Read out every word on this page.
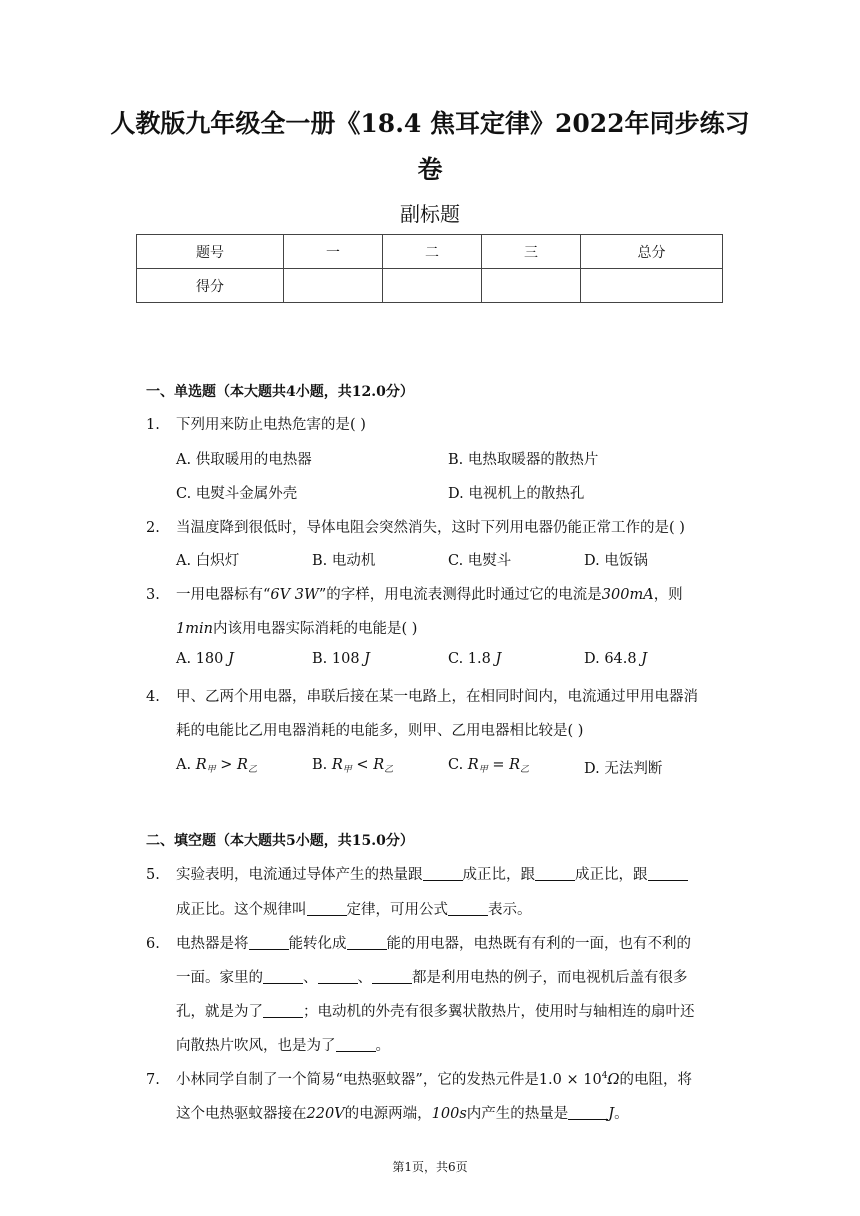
人教版九年级全一册《18.4 焦耳定律》2022年同步练习
卷
副标题
题号	一	二	三	总分
得分				
一、单选题（本大题共4小题，共12.0分）
1. 下列用来防止电热危害的是( )
A. 供取暖用的电热器	B. 电热取暖器的散热片
C. 电熨斗金属外壳	D. 电视机上的散热孔
2. 当温度降到很低时，导体电阻会突然消失，这时下列用电器仍能正常工作的是( )
A. 白炽灯	B. 电动机	C. 电熨斗	D. 电饭锅
3. 一用电器标有“6V 3W”的字样，用电流表测得此时通过它的电流是300mA，则
1min内该用电器实际消耗的电能是( )
A. 180 J	B. 108 J	C. 1.8 J	D. 64.8 J
4. 甲、乙两个用电器，串联后接在某一电路上，在相同时间内，电流通过甲用电器消
耗的电能比乙用电器消耗的电能多，则甲、乙用电器相比较是( )
A. $R_甲 > R_乙$	B. $R_甲 < R_乙$	C. $R_甲 = R_乙$	D. 无法判断
二、填空题（本大题共5小题，共15.0分）
5. 实验表明，电流通过导体产生的热量跟	成正比，跟	成正比，跟
成正比。这个规律叫	定律，可用公式	表示。
6. 电热器是将	能转化成	能的用电器，电热既有有利的一面，也有不利的
一面。家里的	、	、	都是利用电热的例子，而电视机后盖有很多
孔，就是为了	；电动机的外壳有很多翼状散热片，使用时与轴相连的扇叶还
向散热片吹风，也是为了	。
7. 小林同学自制了一个简易“电热驱蚊器”，它的发热元件是$1.0 \times 10^4\Omega$的电阻，将
这个电热驱蚊器接在220V的电源两端，100s内产生的热量是	J。
第1页，共6页
